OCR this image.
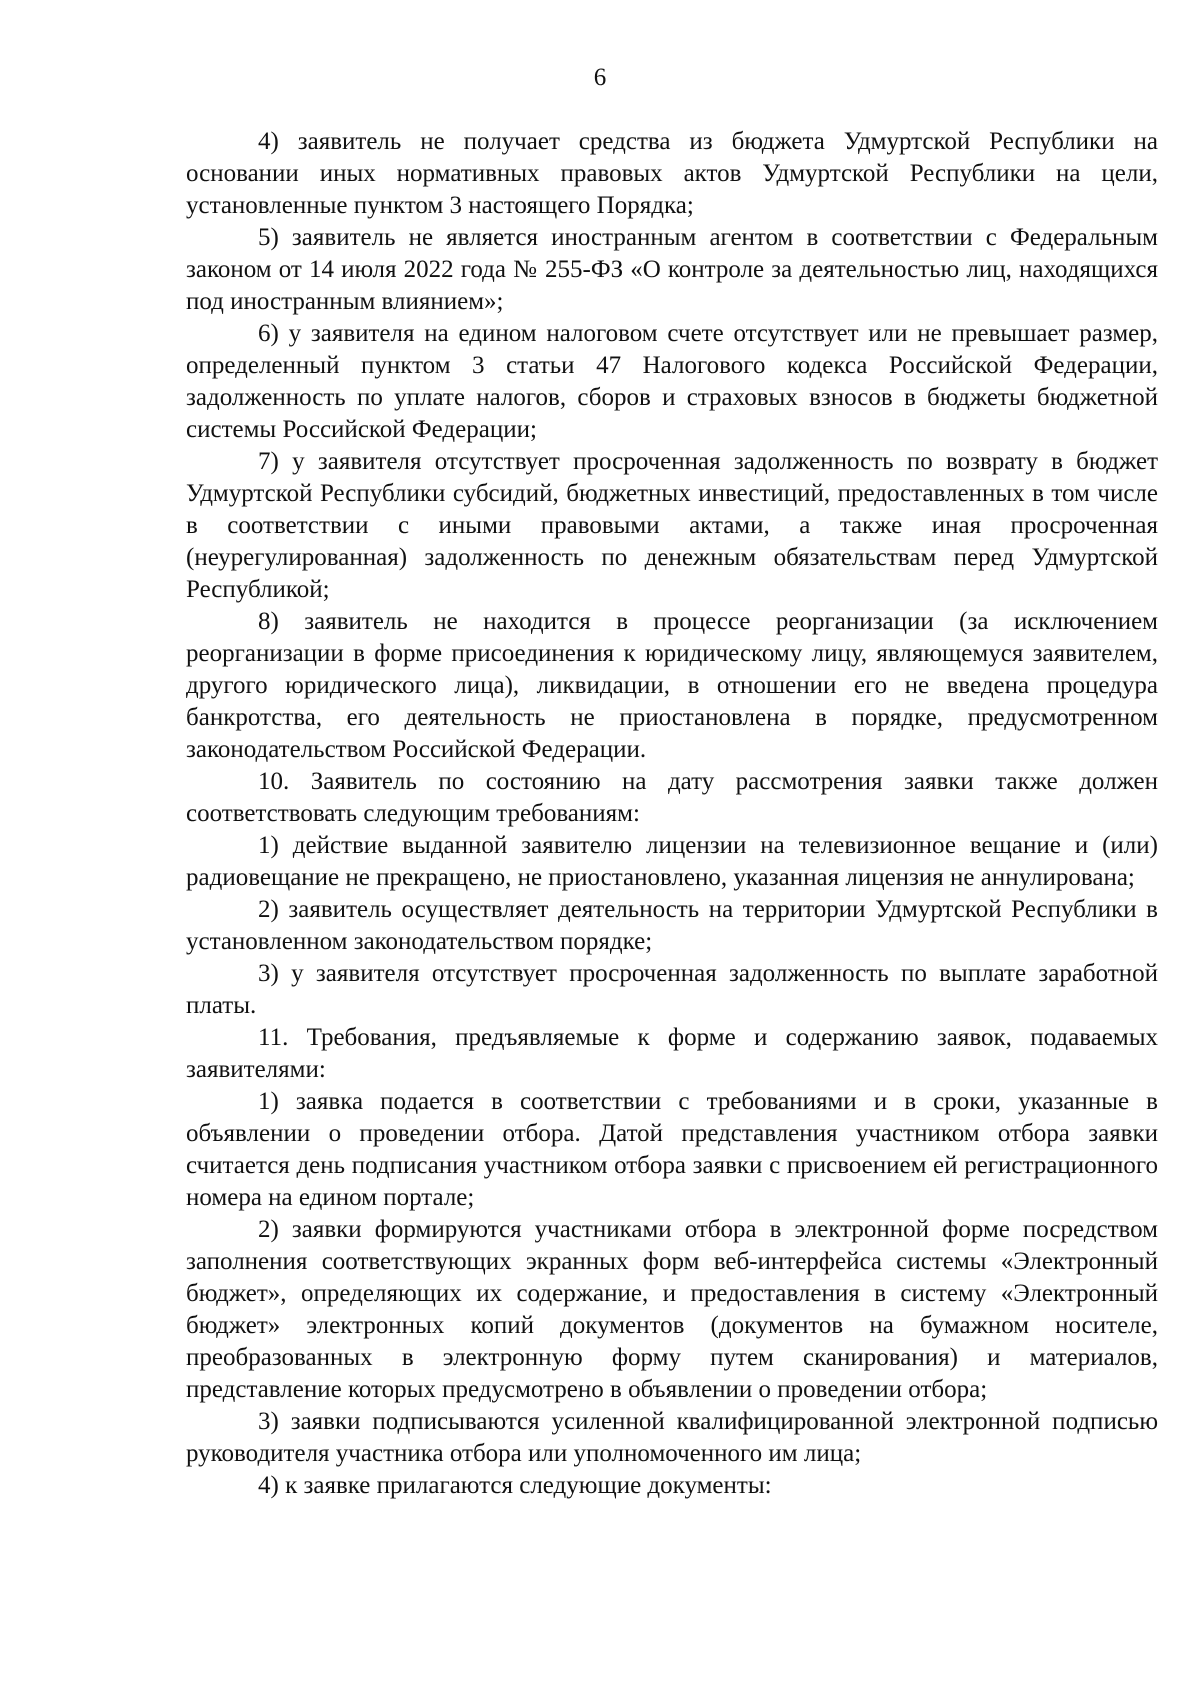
6

4) заявитель не получает средства из бюджета Удмуртской Республики на основании иных нормативных правовых актов Удмуртской Республики на цели, установленные пунктом 3 настоящего Порядка;

5) заявитель не является иностранным агентом в соответствии с Федеральным законом от 14 июля 2022 года № 255-ФЗ «О контроле за деятельностью лиц, находящихся под иностранным влиянием»;

6) у заявителя на едином налоговом счете отсутствует или не превышает размер, определенный пунктом 3 статьи 47 Налогового кодекса Российской Федерации, задолженность по уплате налогов, сборов и страховых взносов в бюджеты бюджетной системы Российской Федерации;

7) у заявителя отсутствует просроченная задолженность по возврату в бюджет Удмуртской Республики субсидий, бюджетных инвестиций, предоставленных в том числе в соответствии с иными правовыми актами, а также иная просроченная (неурегулированная) задолженность по денежным обязательствам перед Удмуртской Республикой;

8) заявитель не находится в процессе реорганизации (за исключением реорганизации в форме присоединения к юридическому лицу, являющемуся заявителем, другого юридического лица), ликвидации, в отношении его не введена процедура банкротства, его деятельность не приостановлена в порядке, предусмотренном законодательством Российской Федерации.

10. Заявитель по состоянию на дату рассмотрения заявки также должен соответствовать следующим требованиям:

1) действие выданной заявителю лицензии на телевизионное вещание и (или) радиовещание не прекращено, не приостановлено, указанная лицензия не аннулирована;

2) заявитель осуществляет деятельность на территории Удмуртской Республики в установленном законодательством порядке;

3) у заявителя отсутствует просроченная задолженность по выплате заработной платы.

11. Требования, предъявляемые к форме и содержанию заявок, подаваемых заявителями:

1) заявка подается в соответствии с требованиями и в сроки, указанные в объявлении о проведении отбора. Датой представления участником отбора заявки считается день подписания участником отбора заявки с присвоением ей регистрационного номера на едином портале;

2) заявки формируются участниками отбора в электронной форме посредством заполнения соответствующих экранных форм веб-интерфейса системы «Электронный бюджет», определяющих их содержание, и предоставления в систему «Электронный бюджет» электронных копий документов (документов на бумажном носителе, преобразованных в электронную форму путем сканирования) и материалов, представление которых предусмотрено в объявлении о проведении отбора;

3) заявки подписываются усиленной квалифицированной электронной подписью руководителя участника отбора или уполномоченного им лица;

4) к заявке прилагаются следующие документы:
